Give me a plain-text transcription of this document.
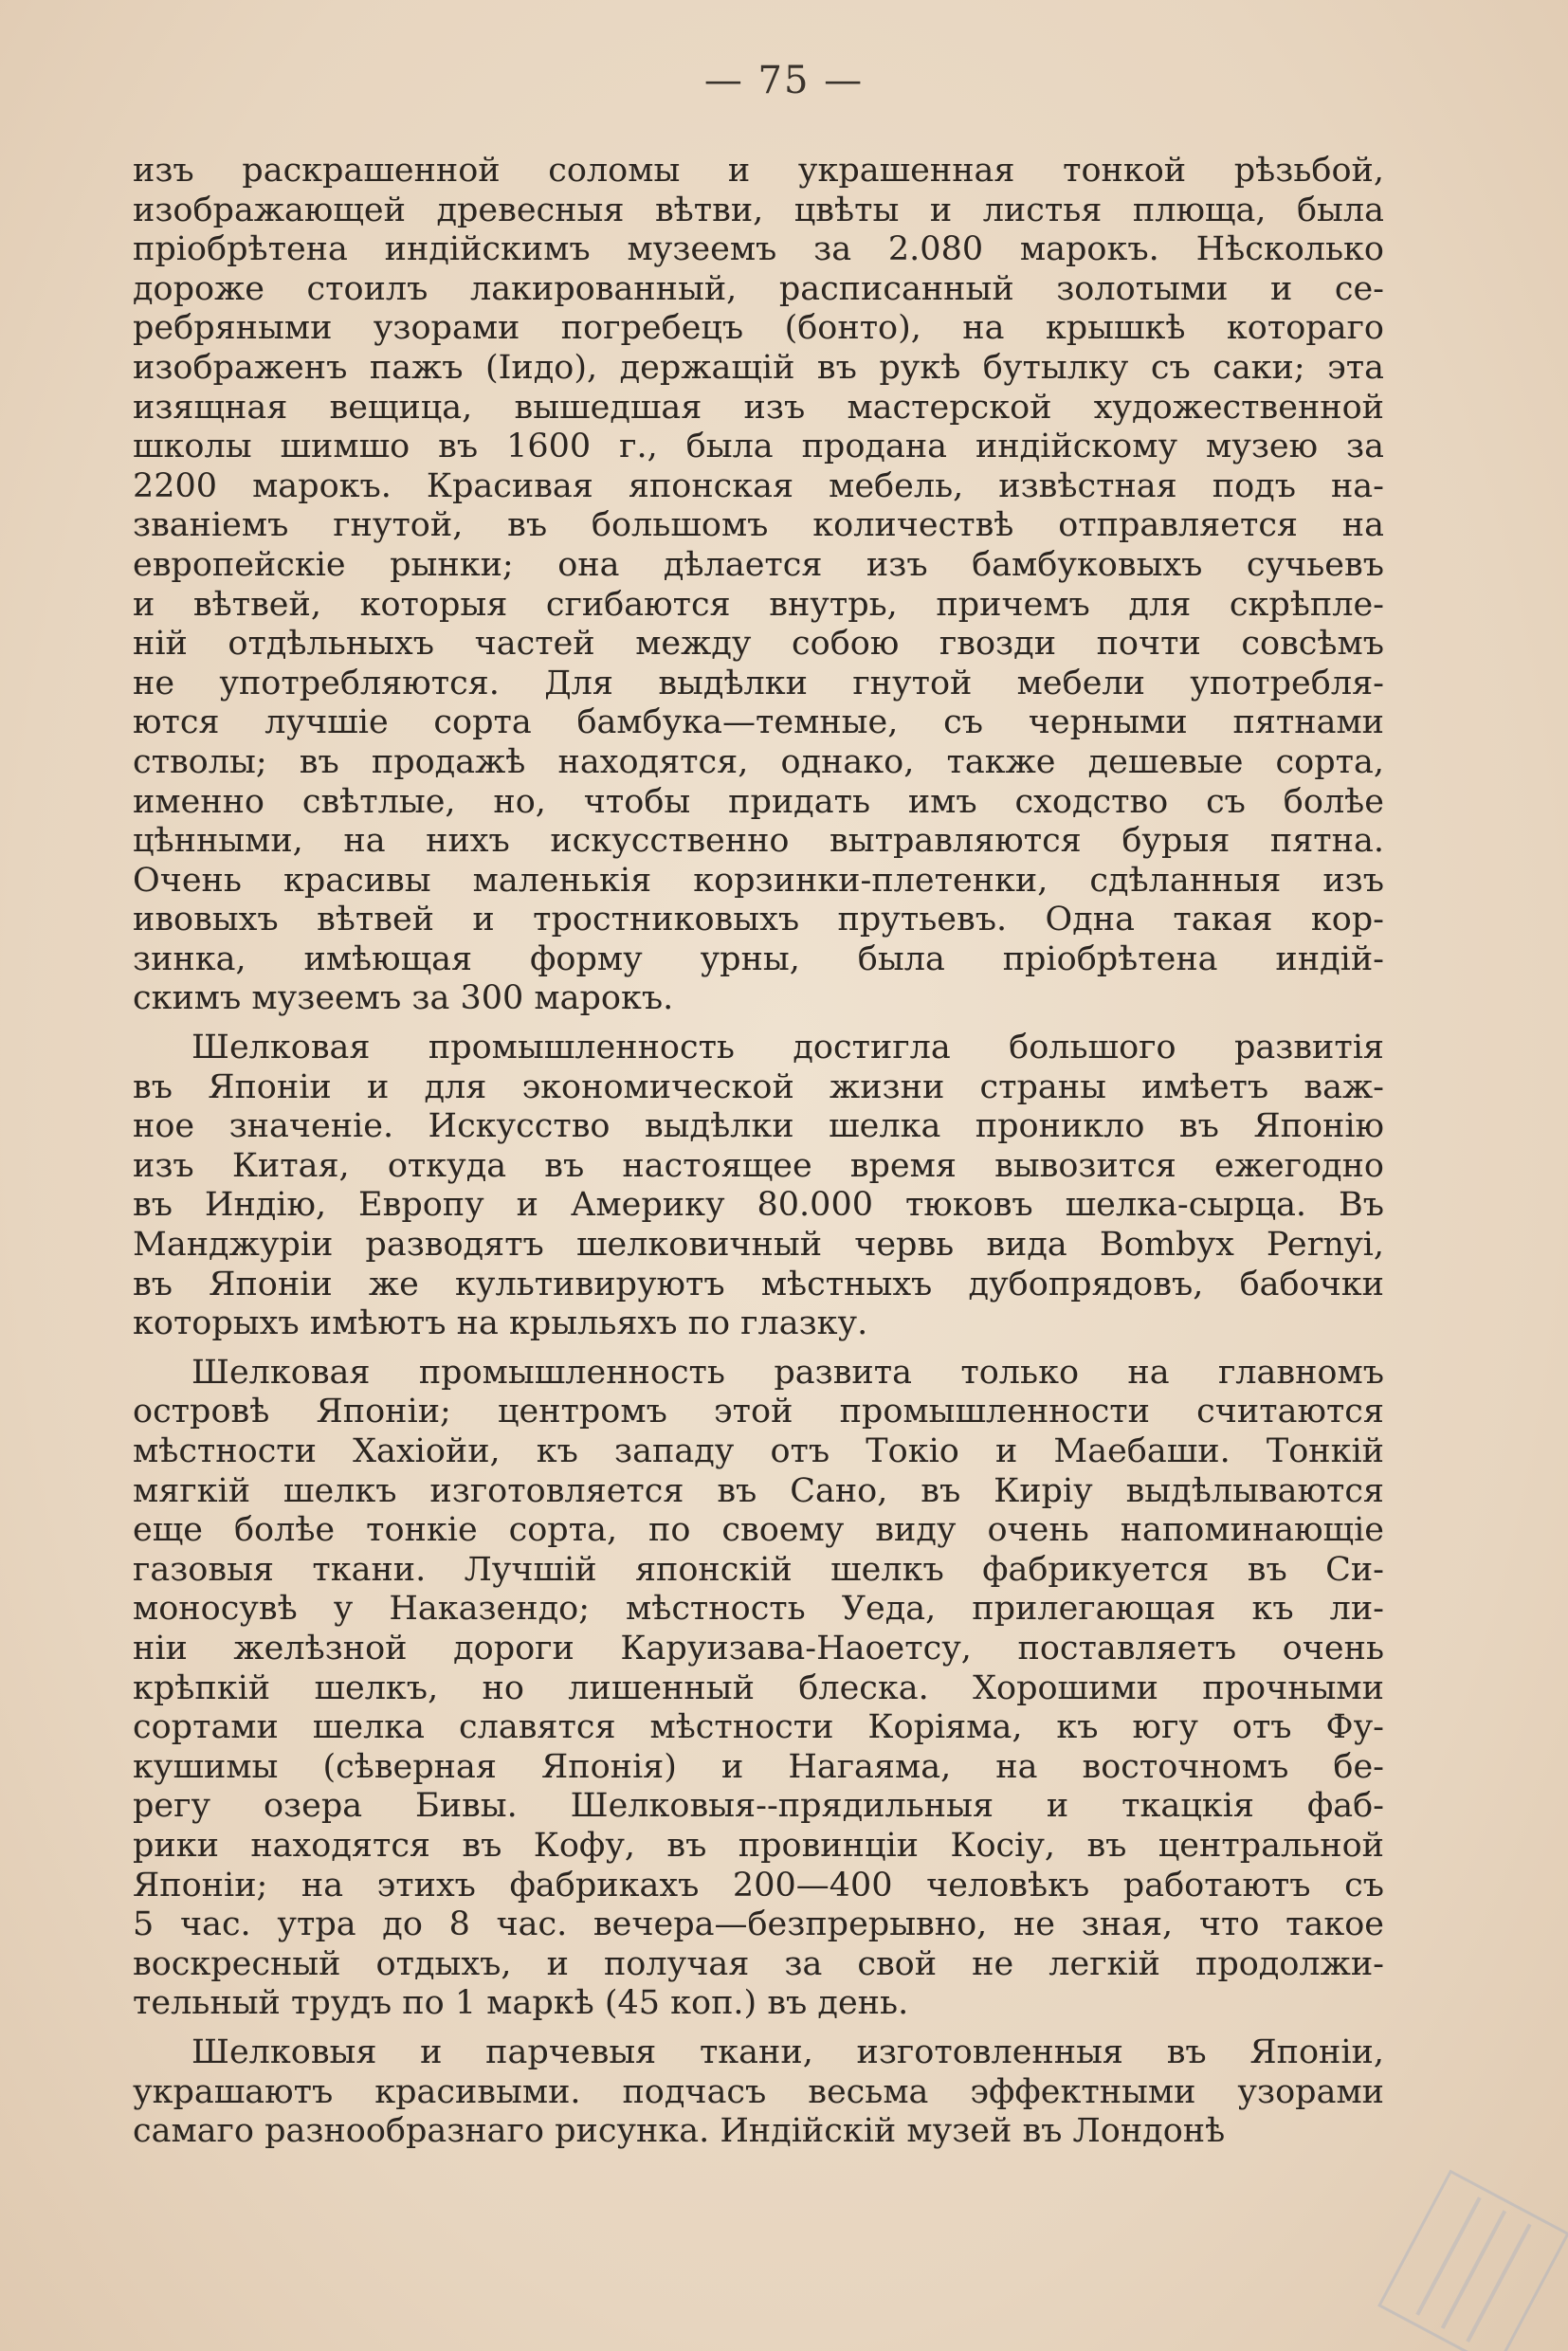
— 75 —
изъ раскрашенной соломы и украшенная тонкой рѣзьбой,
изображающей древесныя вѣтви, цвѣты и листья плюща, была
пріобрѣтена индійскимъ музеемъ за 2.080 марокъ. Нѣсколько
дороже стоилъ лакированный, расписанный золотыми и се-
ребряными узорами погребецъ (бонто), на крышкѣ котораго
изображенъ пажъ (Іидо), держащій въ рукѣ бутылку съ саки; эта
изящная вещица, вышедшая изъ мастерской художественной
школы шимшо въ 1600 г., была продана индійскому музею за
2200 марокъ. Красивая японская мебель, извѣстная подъ на-
званіемъ гнутой, въ большомъ количествѣ отправляется на
европейскіе рынки; она дѣлается изъ бамбуковыхъ сучьевъ
и вѣтвей, которыя сгибаются внутрь, причемъ для скрѣпле-
ній отдѣльныхъ частей между собою гвозди почти совсѣмъ
не употребляются. Для выдѣлки гнутой мебели употребля-
ются лучшіе сорта бамбука—темные, съ черными пятнами
стволы; въ продажѣ находятся, однако, также дешевые сорта,
именно свѣтлые, но, чтобы придать имъ сходство съ болѣе
цѣнными, на нихъ искусственно вытравляются бурыя пятна.
Очень красивы маленькія корзинки-плетенки, сдѣланныя изъ
ивовыхъ вѣтвей и тростниковыхъ прутьевъ. Одна такая кор-
зинка, имѣющая форму урны, была пріобрѣтена индій-
скимъ музеемъ за 300 марокъ.
Шелковая промышленность достигла большого развитія
въ Японіи и для экономической жизни страны имѣетъ важ-
ное значеніе. Искусство выдѣлки шелка проникло въ Японію
изъ Китая, откуда въ настоящее время вывозится ежегодно
въ Индію, Европу и Америку 80.000 тюковъ шелка-сырца. Въ
Манджуріи разводятъ шелковичный червь вида Bombyx Pernyi,
въ Японіи же культивируютъ мѣстныхъ дубопрядовъ, бабочки
которыхъ имѣютъ на крыльяхъ по глазку.
Шелковая промышленность развита только на главномъ
островѣ Японіи; центромъ этой промышленности считаются
мѣстности Хахіойи, къ западу отъ Токіо и Маебаши. Тонкій
мягкій шелкъ изготовляется въ Сано, въ Киріу выдѣлываются
еще болѣе тонкіе сорта, по своему виду очень напоминающіе
газовыя ткани. Лучшій японскій шелкъ фабрикуется въ Си-
моносувѣ у Наказендо; мѣстность Уеда, прилегающая къ ли-
ніи желѣзной дороги Каруизава-Наоетсу, поставляетъ очень
крѣпкій шелкъ, но лишенный блеска. Хорошими прочными
сортами шелка славятся мѣстности Коріяма, къ югу отъ Фу-
кушимы (сѣверная Японія) и Нагаяма, на восточномъ бе-
регу озера Бивы. Шелковыя--прядильныя и ткацкія фаб-
рики находятся въ Кофу, въ провинціи Косіу, въ центральной
Японіи; на этихъ фабрикахъ 200—400 человѣкъ работаютъ съ
5 час. утра до 8 час. вечера—безпрерывно, не зная, что такое
воскресный отдыхъ, и получая за свой не легкій продолжи-
тельный трудъ по 1 маркѣ (45 коп.) въ день.
Шелковыя и парчевыя ткани, изготовленныя въ Японіи,
украшаютъ красивыми. подчасъ весьма эффектными узорами
самаго разнообразнаго рисунка. Индійскій музей въ Лондонѣ
